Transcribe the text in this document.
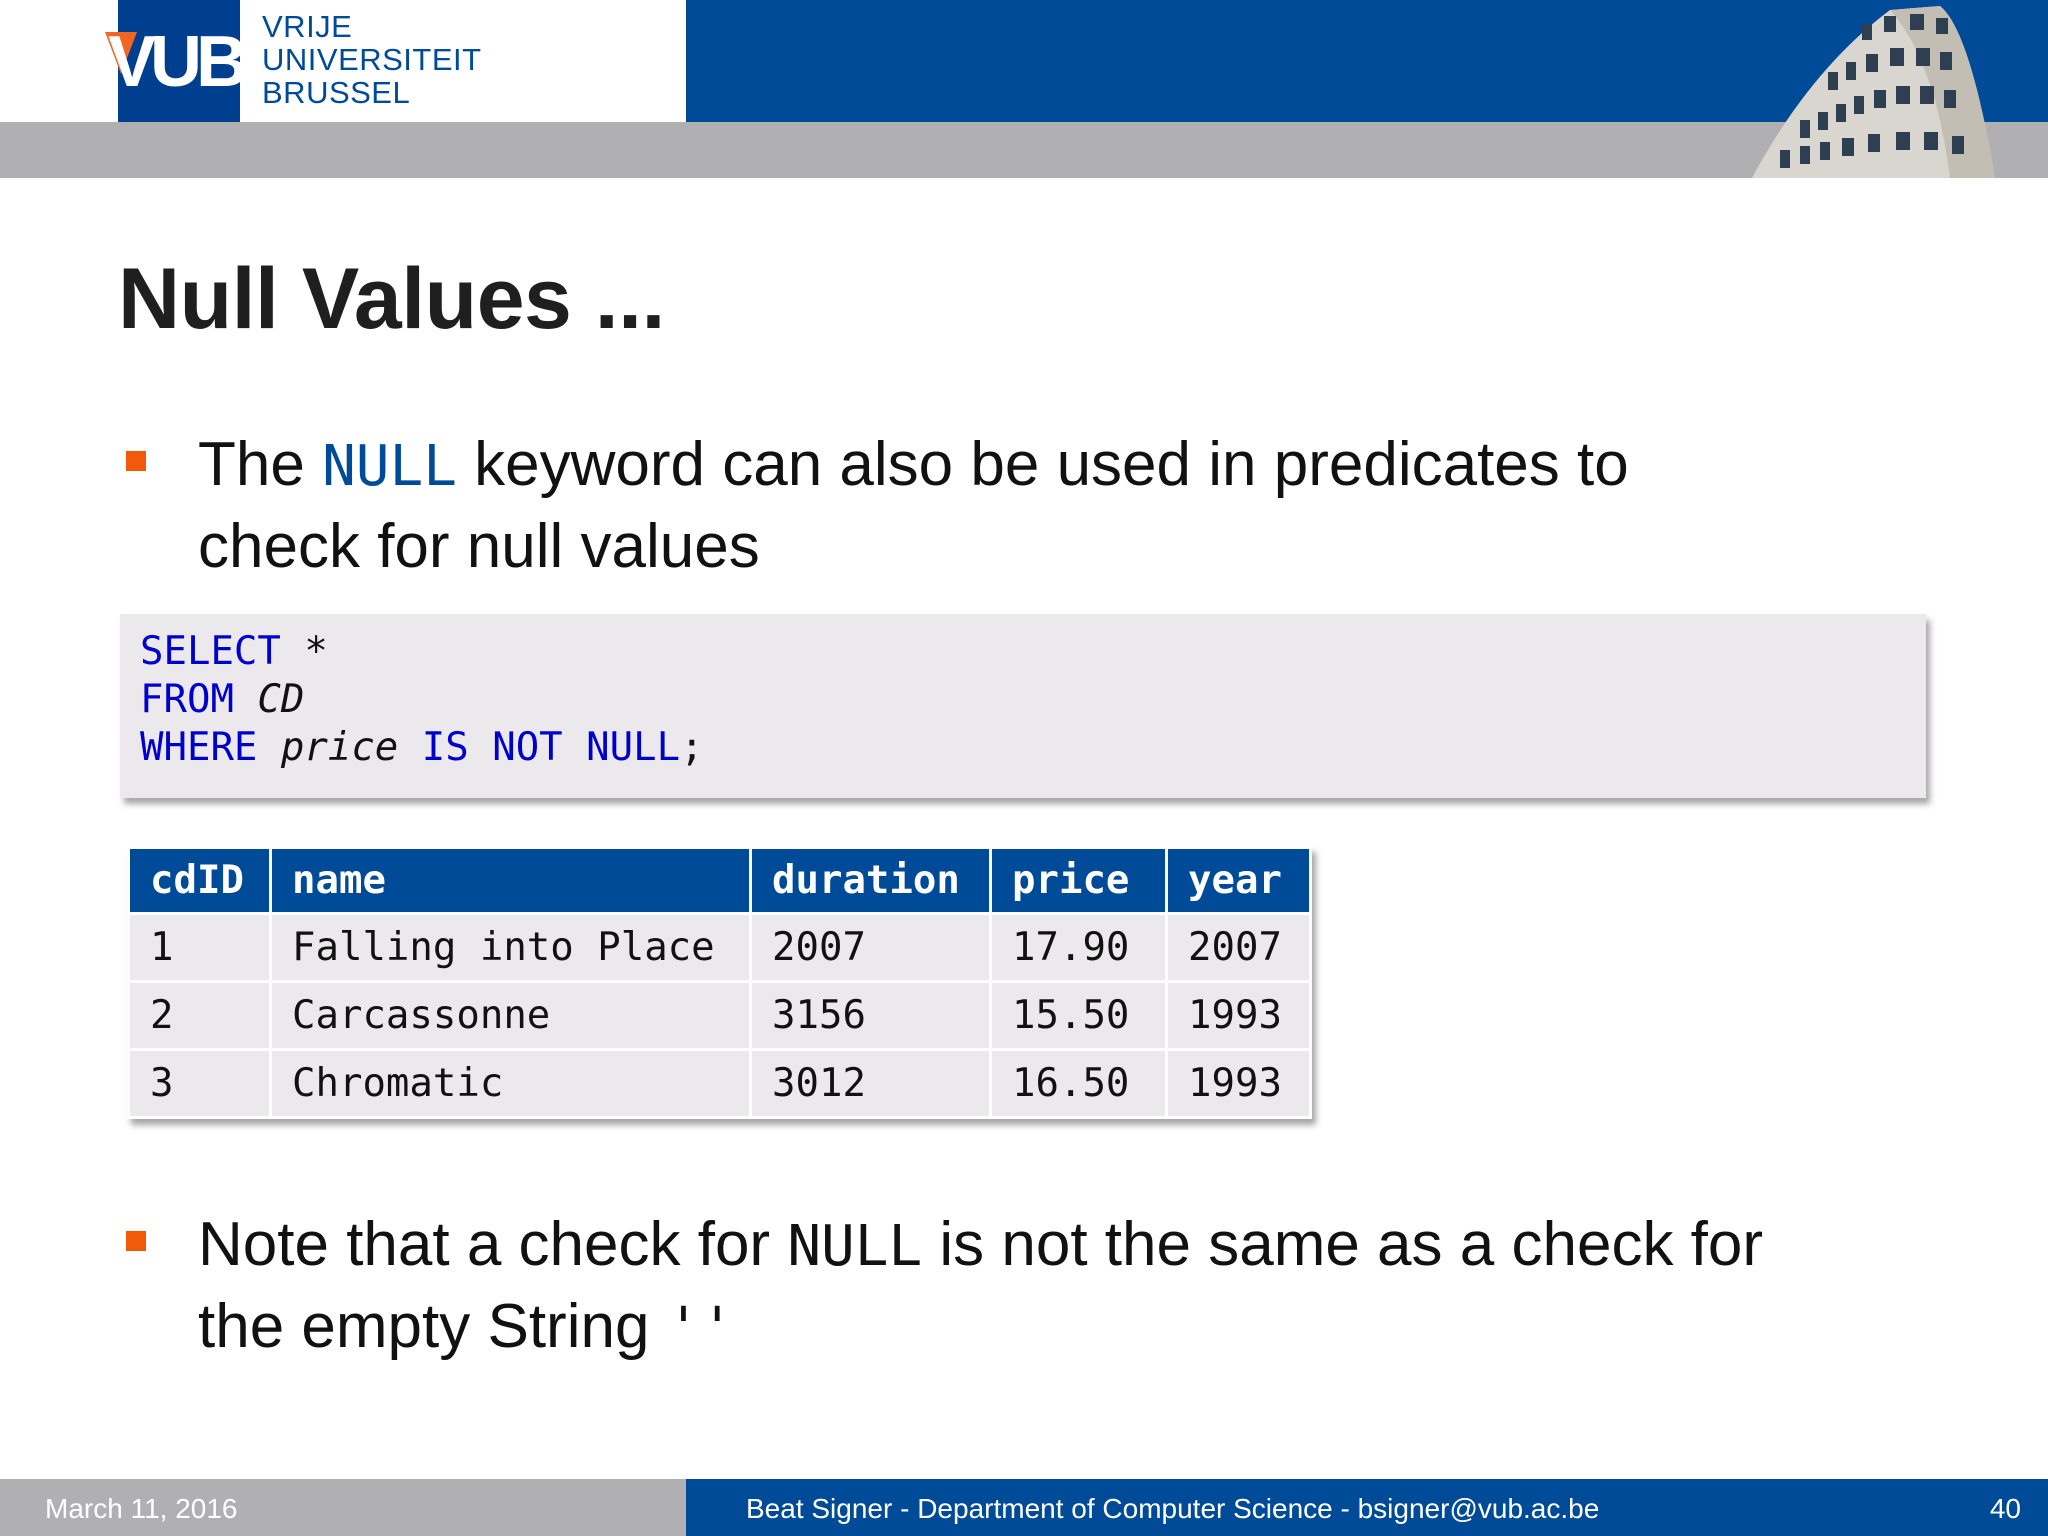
VUB VRIJE
UNIVERSITEIT
BRUSSEL
Null Values ...
The NULL keyword can also be used in predicates to
check for null values
SELECT *
FROM CD
WHERE price IS NOT NULL;
cdID	name	duration	price	year
1	Falling into Place	2007	17.90	2007
2	Carcassonne	3156	15.50	1993
3	Chromatic	3012	16.50	1993
Note that a check for NULL is not the same as a check for
the empty String ''
March 11, 2016	Beat Signer - Department of Computer Science - bsigner@vub.ac.be	40
